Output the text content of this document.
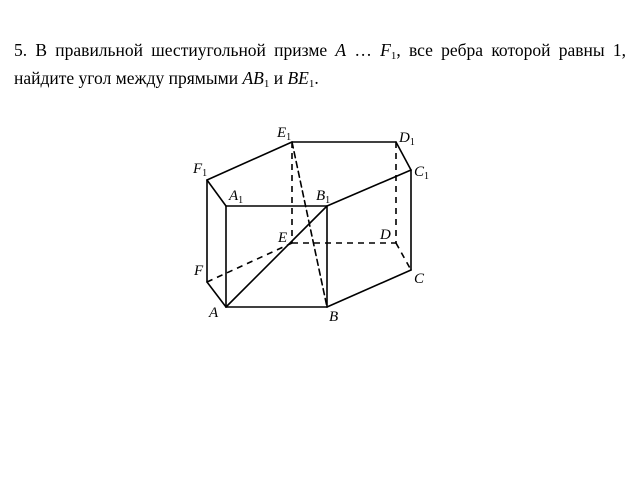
5. В правильной шестиугольной призме A … $F_1$, все ребра которой равны 1, найдите угол между прямыми $AB_1$ и $BE_1$.

$E_1$	$D_1$
$F_1$	$C_1$
$A_1$	$B_1$
E	D
F	C
A	B
